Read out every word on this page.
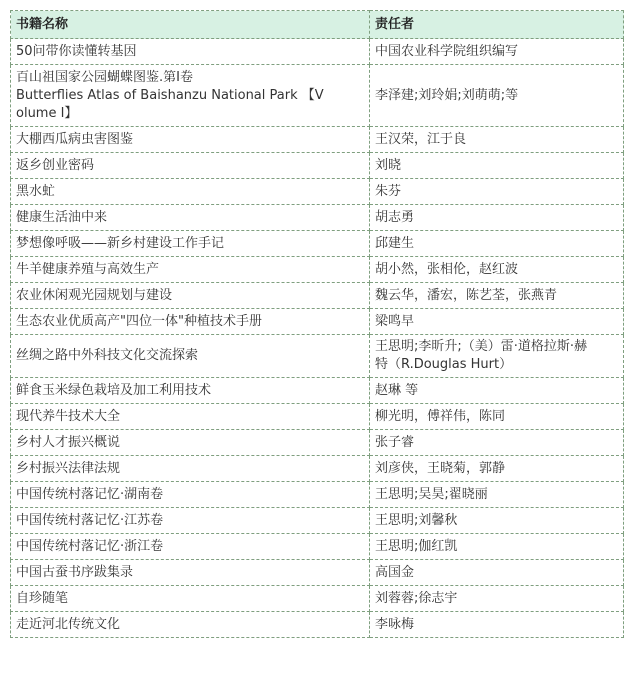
书籍名称	责任者
50问带你读懂转基因	中国农业科学院组织编写

百山祖国家公园蝴蝶图鉴.第Ⅰ卷
Butterflies Atlas of Baishanzu National Park 【V
olume Ⅰ】	李泽建;刘玲娟;刘萌萌;等
大棚西瓜病虫害图鉴	王汉荣，江于良
返乡创业密码	刘晓
黑水虻	朱芬
健康生活油中来	胡志勇
梦想像呼吸——新乡村建设工作手记	邱建生
牛羊健康养殖与高效生产	胡小然，张相伦，赵红波
农业休闲观光园规划与建设	魏云华，潘宏，陈艺荃，张燕青
生态农业优质高产"四位一体"种植技术手册	梁鸣早
丝绸之路中外科技文化交流探索	王思明;李昕升;（美）雷·道格拉斯·赫
特（R.Douglas Hurt）

鲜食玉米绿色栽培及加工利用技术	赵琳 等
现代养牛技术大全	柳光明，傅祥伟，陈同
乡村人才振兴概说	张子睿
乡村振兴法律法规	刘彦侠，王晓菊，郭静
中国传统村落记忆·湖南卷	王思明;吴昊;翟晓丽
中国传统村落记忆·江苏卷	王思明;刘馨秋
中国传统村落记忆·浙江卷	王思明;伽红凯
中国古蚕书序跋集录	高国金
自珍随笔	刘蓉蓉;徐志宇
走近河北传统文化	李咏梅
